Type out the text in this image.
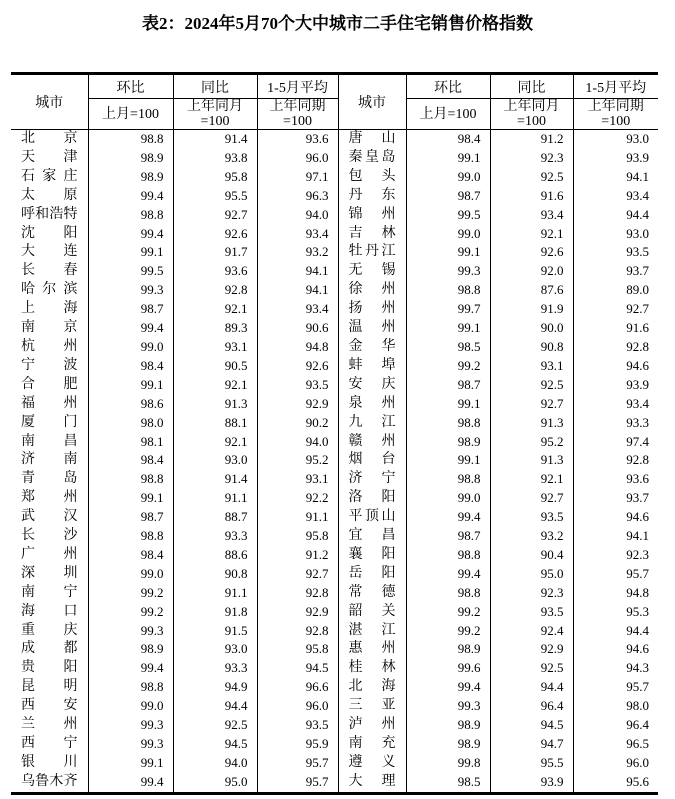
表2：2024年5月70个大中城市二手住宅销售价格指数
城市	环比	同比	1-5月平均	城市	环比	同比	1-5月平均
	上月=100	上年同月=100	上年同期=100		上月=100	上年同月=100	上年同期=100
北京	98.8	91.4	93.6	唐山	98.4	91.2	93.0
天津	98.9	93.8	96.0	秦皇岛	99.1	92.3	93.9
石家庄	98.9	95.8	97.1	包头	99.0	92.5	94.1
太原	99.4	95.5	96.3	丹东	98.7	91.6	93.4
呼和浩特	98.8	92.7	94.0	锦州	99.5	93.4	94.4
沈阳	99.4	92.6	93.4	吉林	99.0	92.1	93.0
大连	99.1	91.7	93.2	牡丹江	99.1	92.6	93.5
长春	99.5	93.6	94.1	无锡	99.3	92.0	93.7
哈尔滨	99.3	92.8	94.1	徐州	98.8	87.6	89.0
上海	98.7	92.1	93.4	扬州	99.7	91.9	92.7
南京	99.4	89.3	90.6	温州	99.1	90.0	91.6
杭州	99.0	93.1	94.8	金华	98.5	90.8	92.8
宁波	98.4	90.5	92.6	蚌埠	99.2	93.1	94.6
合肥	99.1	92.1	93.5	安庆	98.7	92.5	93.9
福州	98.6	91.3	92.9	泉州	99.1	92.7	93.4
厦门	98.0	88.1	90.2	九江	98.8	91.3	93.3
南昌	98.1	92.1	94.0	赣州	98.9	95.2	97.4
济南	98.4	93.0	95.2	烟台	99.1	91.3	92.8
青岛	98.8	91.4	93.1	济宁	98.8	92.1	93.6
郑州	99.1	91.1	92.2	洛阳	99.0	92.7	93.7
武汉	98.7	88.7	91.1	平顶山	99.4	93.5	94.6
长沙	98.8	93.3	95.8	宜昌	98.7	93.2	94.1
广州	98.4	88.6	91.2	襄阳	98.8	90.4	92.3
深圳	99.0	90.8	92.7	岳阳	99.4	95.0	95.7
南宁	99.2	91.1	92.8	常德	98.8	92.3	94.8
海口	99.2	91.8	92.9	韶关	99.2	93.5	95.3
重庆	99.3	91.5	92.8	湛江	99.2	92.4	94.4
成都	98.9	93.0	95.8	惠州	98.9	92.9	94.6
贵阳	99.4	93.3	94.5	桂林	99.6	92.5	94.3
昆明	98.8	94.9	96.6	北海	99.4	94.4	95.7
西安	99.0	94.4	96.0	三亚	99.3	96.4	98.0
兰州	99.3	92.5	93.5	泸州	98.9	94.5	96.4
西宁	99.3	94.5	95.9	南充	98.9	94.7	96.5
银川	99.1	94.0	95.7	遵义	99.8	95.5	96.0
乌鲁木齐	99.4	95.0	95.7	大理	98.5	93.9	95.6
